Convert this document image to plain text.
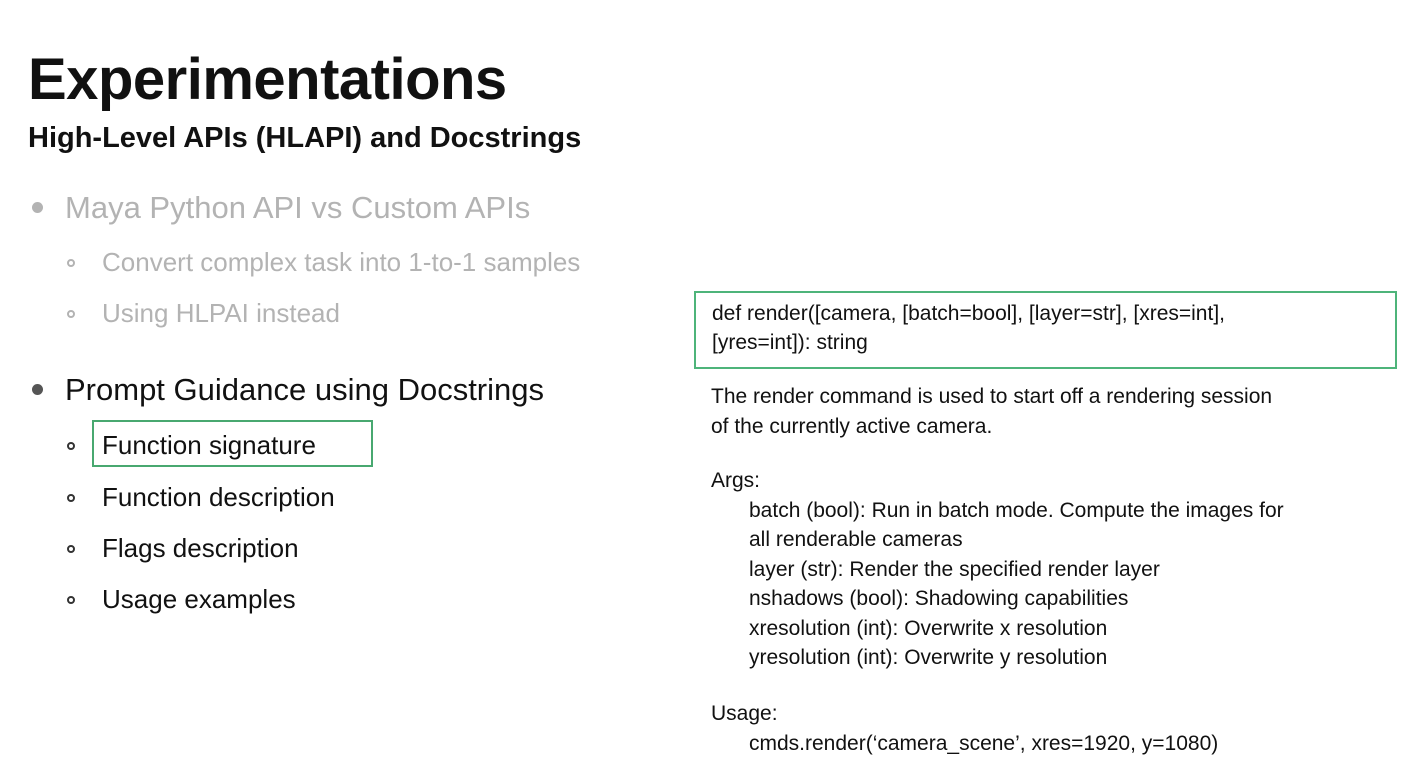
Experimentations
High-Level APIs (HLAPI) and Docstrings
Maya Python API vs Custom APIs
Convert complex task into 1-to-1 samples
Using HLPAI instead
Prompt Guidance using Docstrings
Function signature
Function description
Flags description
Usage examples
def render([camera, [batch=bool], [layer=str], [xres=int],
[yres=int]): string
The render command is used to start off a rendering session
of the currently active camera.
Args:
batch (bool): Run in batch mode. Compute the images for
all renderable cameras
layer (str): Render the specified render layer
nshadows (bool): Shadowing capabilities
xresolution (int): Overwrite x resolution
yresolution (int): Overwrite y resolution
Usage:
cmds.render(‘camera_scene’, xres=1920, y=1080)
